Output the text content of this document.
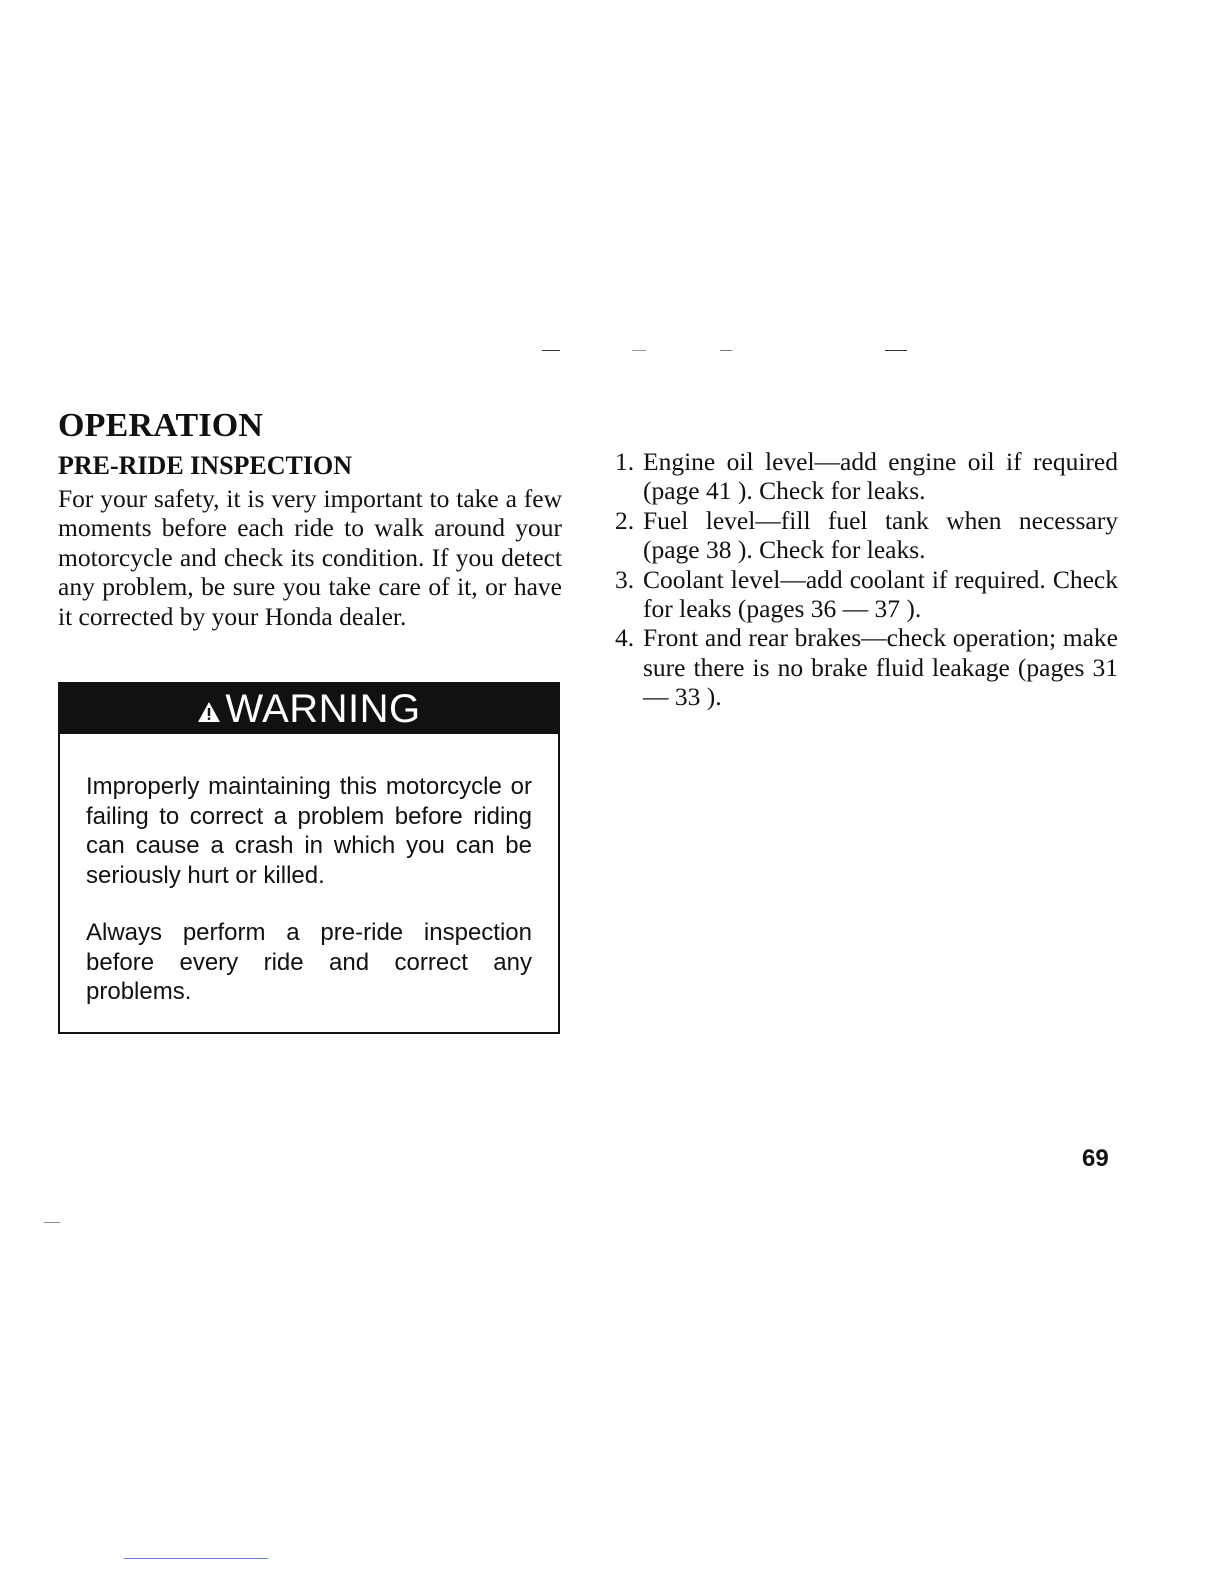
OPERATION
PRE-RIDE INSPECTION

For your safety, it is very important to take a few moments before each ride to walk around your motorcycle and check its condition. If you detect any problem, be sure you take care of it, or have it corrected by your Honda dealer.

WARNING

Improperly maintaining this motorcycle or failing to correct a problem before riding can cause a crash in which you can be seriously hurt or killed.

Always perform a pre-ride inspection before every ride and correct any problems.

1. Engine oil level—add engine oil if required (page 41 ). Check for leaks.
2. Fuel level—fill fuel tank when necessary (page 38 ). Check for leaks.
3. Coolant level—add coolant if required. Check for leaks (pages 36 — 37 ).
4. Front and rear brakes—check operation; make sure there is no brake fluid leakage (pages 31 — 33 ).
69
